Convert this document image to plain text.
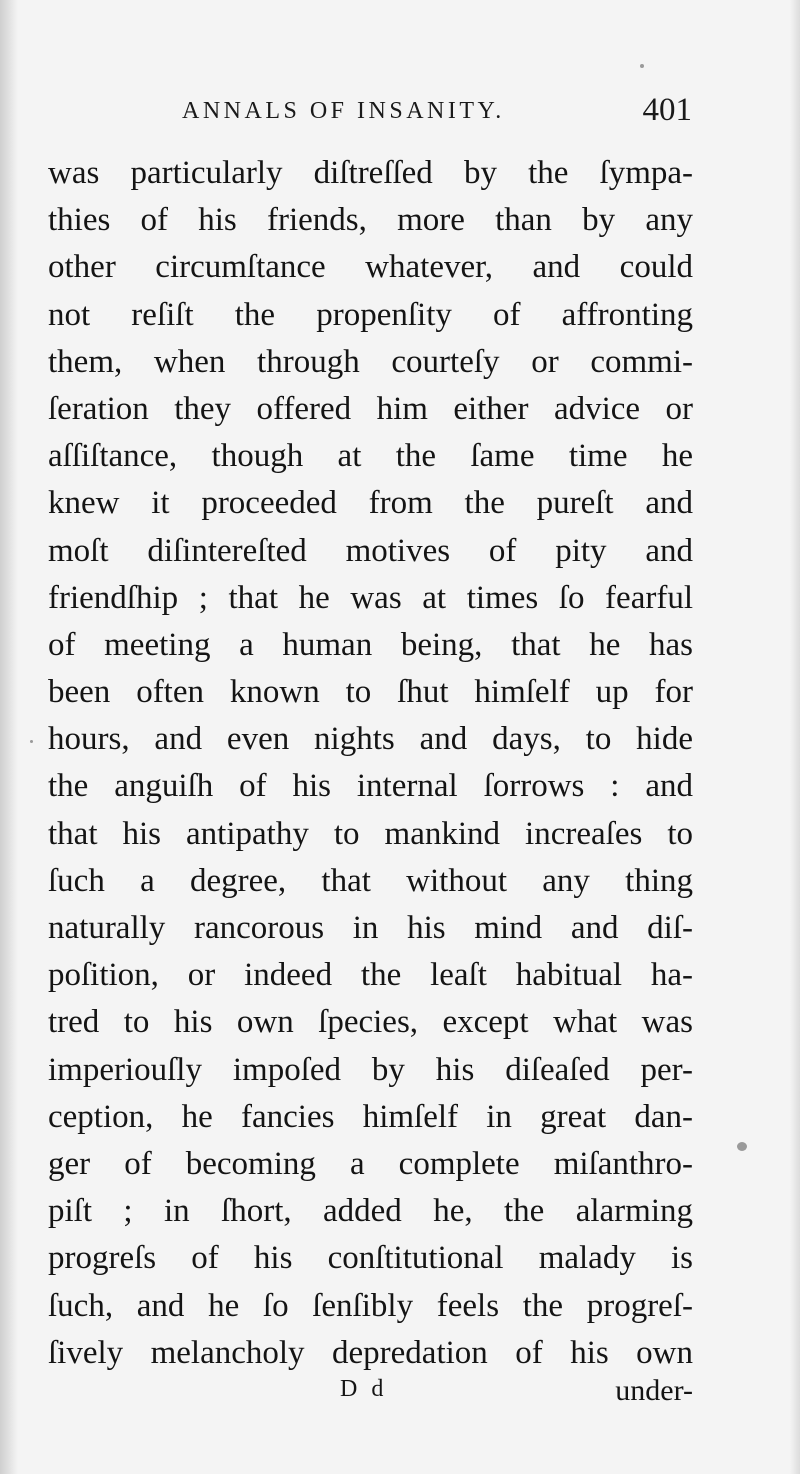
ANNALS OF INSANITY.	401
was particularly diſtreſſed by the ſympa-
thies of his friends, more than by any
other circumſtance whatever, and could
not reſiſt the propenſity of affronting
them, when through courteſy or commi-
ſeration they offered him either advice or
aſſiſtance, though at the ſame time he
knew it proceeded from the pureſt and
moſt diſintereſted motives of pity and
friendſhip ; that he was at times ſo fearful
of meeting a human being, that he has
been often known to ſhut himſelf up for
hours, and even nights and days, to hide
the anguiſh of his internal ſorrows : and
that his antipathy to mankind increaſes to
ſuch a degree, that without any thing
naturally rancorous in his mind and diſ-
poſition, or indeed the leaſt habitual ha-
tred to his own ſpecies, except what was
imperiouſly impoſed by his diſeaſed per-
ception, he fancies himſelf in great dan-
ger of becoming a complete miſanthro-
piſt ; in ſhort, added he, the alarming
progreſs of his conſtitutional malady is
ſuch, and he ſo ſenſibly feels the progreſ-
ſively melancholy depredation of his own
D d	under-
